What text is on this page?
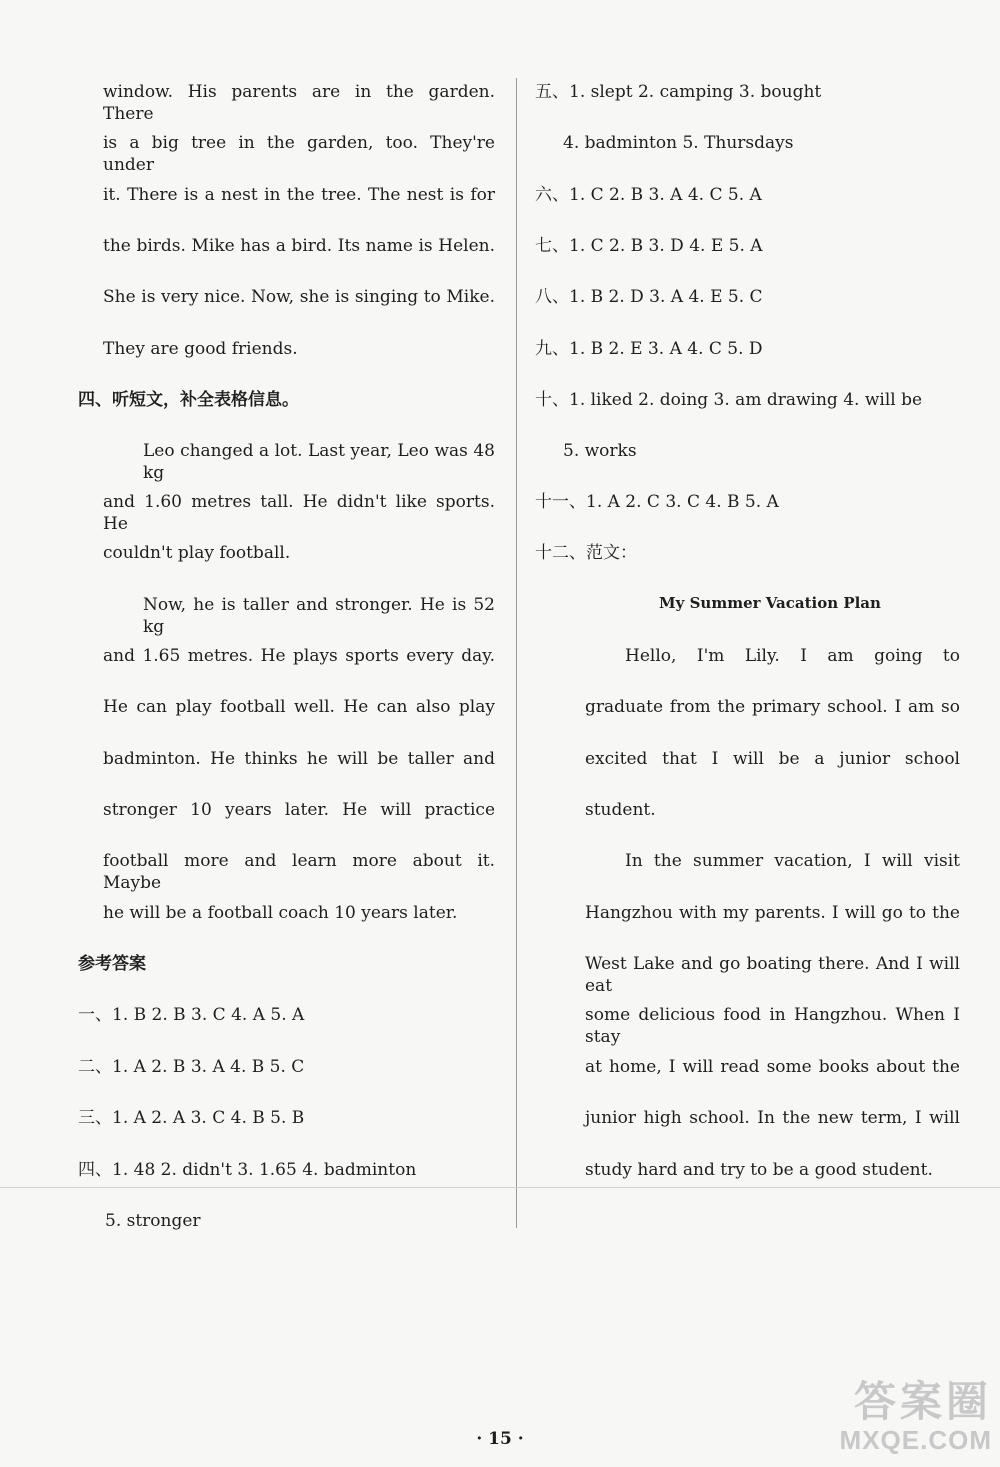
window. His parents are in the garden. There
is a big tree in the garden, too. They're under
it. There is a nest in the tree. The nest is for
the birds. Mike has a bird. Its name is Helen.
She is very nice. Now, she is singing to Mike.
They are good friends.
四、听短文，补全表格信息。
Leo changed a lot. Last year, Leo was 48 kg
and 1.60 metres tall. He didn't like sports. He
couldn't play football.
Now, he is taller and stronger. He is 52 kg
and 1.65 metres. He plays sports every day.
He can play football well. He can also play
badminton. He thinks he will be taller and
stronger 10 years later. He will practice
football more and learn more about it. Maybe
he will be a football coach 10 years later.
参考答案
一、1. B 2. B 3. C 4. A 5. A
二、1. A 2. B 3. A 4. B 5. C
三、1. A 2. A 3. C 4. B 5. B
四、1. 48 2. didn't 3. 1.65 4. badminton
5. stronger
五、1. slept 2. camping 3. bought
4. badminton 5. Thursdays
六、1. C 2. B 3. A 4. C 5. A
七、1. C 2. B 3. D 4. E 5. A
八、1. B 2. D 3. A 4. E 5. C
九、1. B 2. E 3. A 4. C 5. D
十、1. liked 2. doing 3. am drawing 4. will be
5. works
十一、1. A 2. C 3. C 4. B 5. A
十二、范文：
My Summer Vacation Plan
Hello, I'm Lily. I am going to
graduate from the primary school. I am so
excited that I will be a junior school
student.
In the summer vacation, I will visit
Hangzhou with my parents. I will go to the
West Lake and go boating there. And I will eat
some delicious food in Hangzhou. When I stay
at home, I will read some books about the
junior high school. In the new term, I will
study hard and try to be a good student.
· 15 ·
答案圈
MXQE.COM
